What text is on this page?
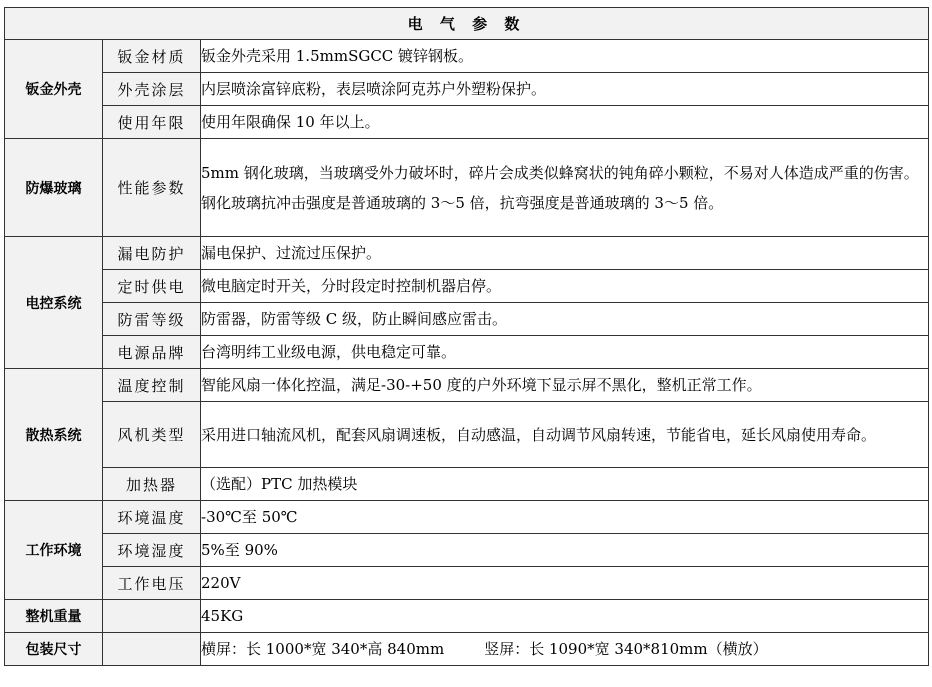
电 气 参 数		
钣金外壳	钣金材质	钣金外壳采用 1.5mmSGCC 镀锌钢板。
	外壳涂层	内层喷涂富锌底粉，表层喷涂阿克苏户外塑粉保护。
	使用年限	使用年限确保 10 年以上。
防爆玻璃	性能参数	5mm 钢化玻璃，当玻璃受外力破坏时，碎片会成类似蜂窝状的钝角碎小颗粒，不易对人体造成严重的伤害。钢化玻璃抗冲击强度是普通玻璃的 3～5 倍，抗弯强度是普通玻璃的 3～5 倍。
电控系统	漏电防护	漏电保护、过流过压保护。
	定时供电	微电脑定时开关，分时段定时控制机器启停。
	防雷等级	防雷器，防雷等级 C 级，防止瞬间感应雷击。
	电源品牌	台湾明纬工业级电源，供电稳定可靠。
散热系统	温度控制	智能风扇一体化控温，满足-30-+50 度的户外环境下显示屏不黑化，整机正常工作。
	风机类型	采用进口轴流风机，配套风扇调速板，自动感温，自动调节风扇转速，节能省电，延长风扇使用寿命。
	加热器	（选配）PTC 加热模块
工作环境	环境温度	-30℃至 50℃
	环境湿度	5%至 90%
	工作电压	220V
整机重量		45KG
包装尺寸		横屏：长 1000*宽 340*高 840mm 竖屏：长 1090*宽 340*810mm（横放）
